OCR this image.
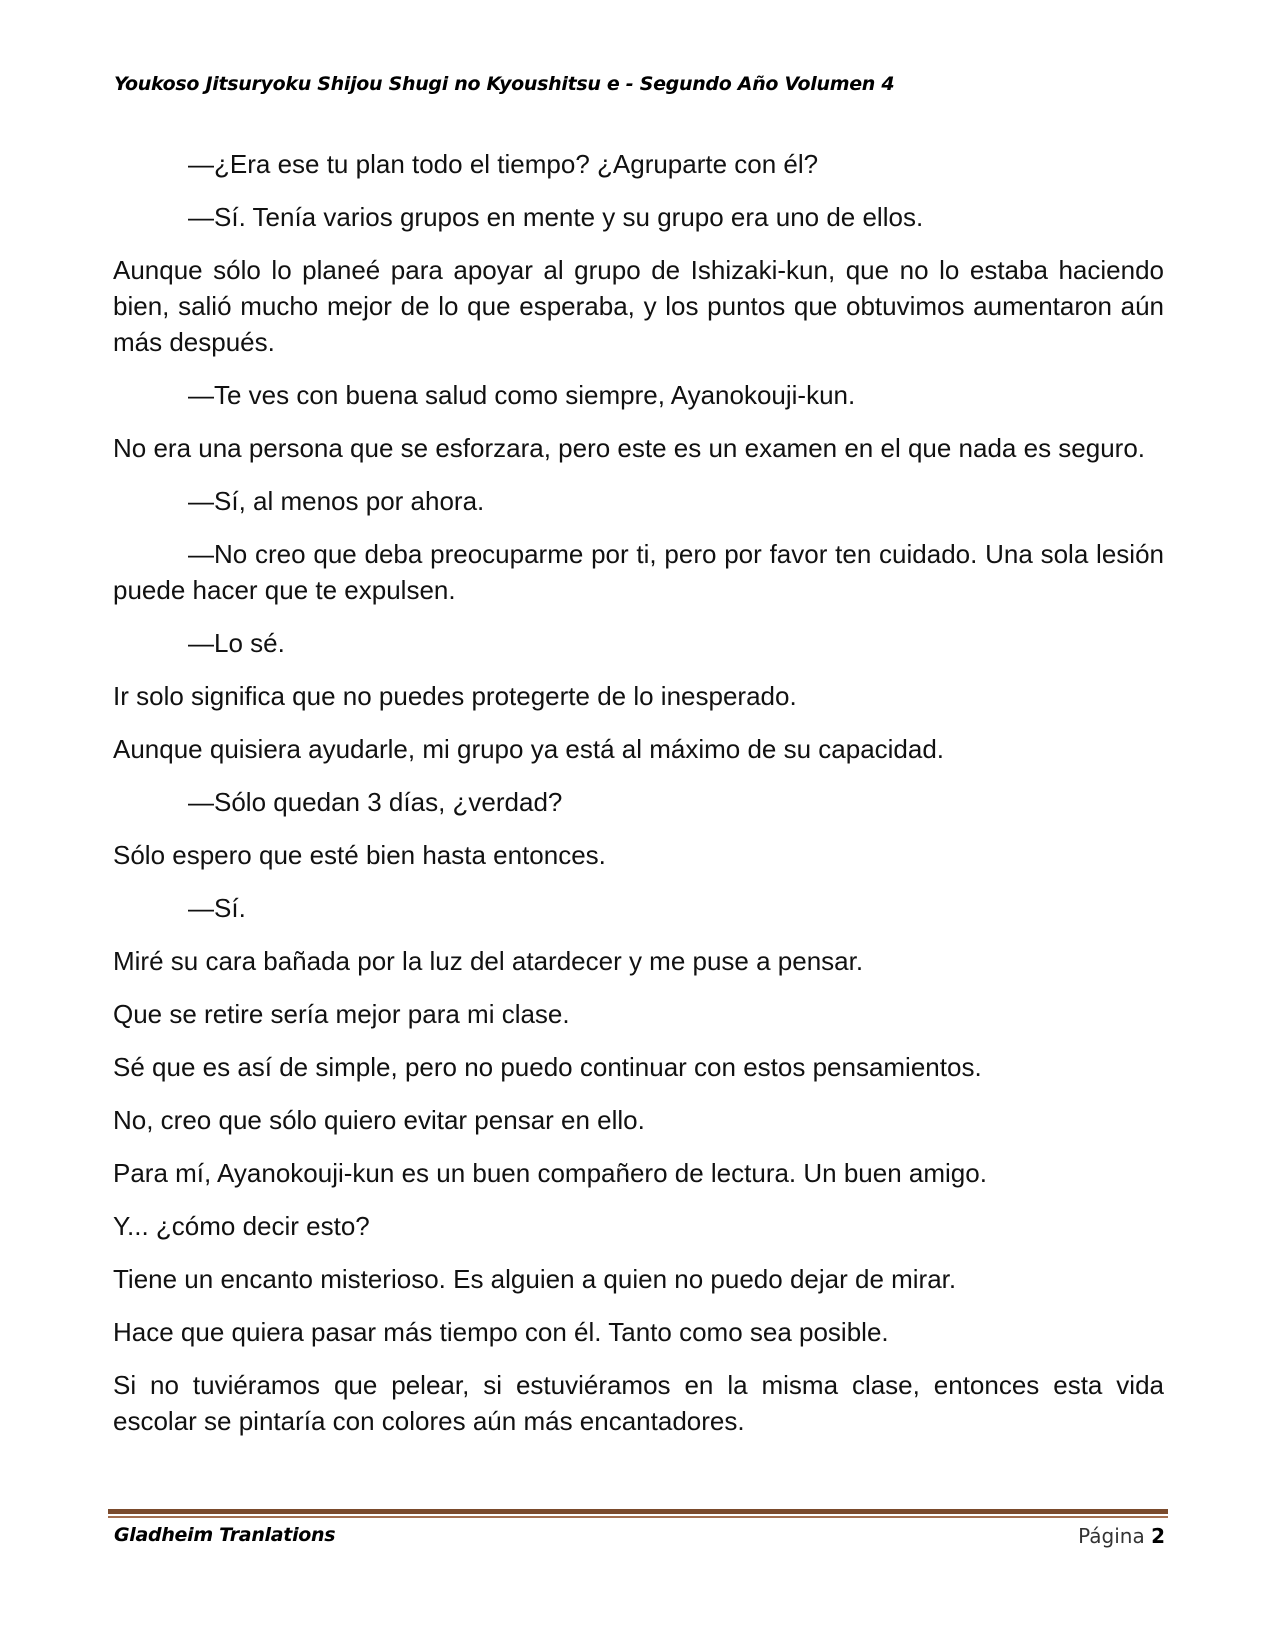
Youkoso Jitsuryoku Shijou Shugi no Kyoushitsu e - Segundo Año Volumen 4

—¿Era ese tu plan todo el tiempo? ¿Agruparte con él?

—Sí. Tenía varios grupos en mente y su grupo era uno de ellos.

Aunque sólo lo planeé para apoyar al grupo de Ishizaki-kun, que no lo estaba haciendo bien, salió mucho mejor de lo que esperaba, y los puntos que obtuvimos aumentaron aún más después.

—Te ves con buena salud como siempre, Ayanokouji-kun.

No era una persona que se esforzara, pero este es un examen en el que nada es seguro.

—Sí, al menos por ahora.

—No creo que deba preocuparme por ti, pero por favor ten cuidado. Una sola lesión puede hacer que te expulsen.

—Lo sé.

Ir solo significa que no puedes protegerte de lo inesperado.

Aunque quisiera ayudarle, mi grupo ya está al máximo de su capacidad.

—Sólo quedan 3 días, ¿verdad?

Sólo espero que esté bien hasta entonces.

—Sí.

Miré su cara bañada por la luz del atardecer y me puse a pensar.

Que se retire sería mejor para mi clase.

Sé que es así de simple, pero no puedo continuar con estos pensamientos.

No, creo que sólo quiero evitar pensar en ello.

Para mí, Ayanokouji-kun es un buen compañero de lectura. Un buen amigo.

Y... ¿cómo decir esto?

Tiene un encanto misterioso. Es alguien a quien no puedo dejar de mirar.

Hace que quiera pasar más tiempo con él. Tanto como sea posible.

Si no tuviéramos que pelear, si estuviéramos en la misma clase, entonces esta vida escolar se pintaría con colores aún más encantadores.

Gladheim Tranlations	Página 2
